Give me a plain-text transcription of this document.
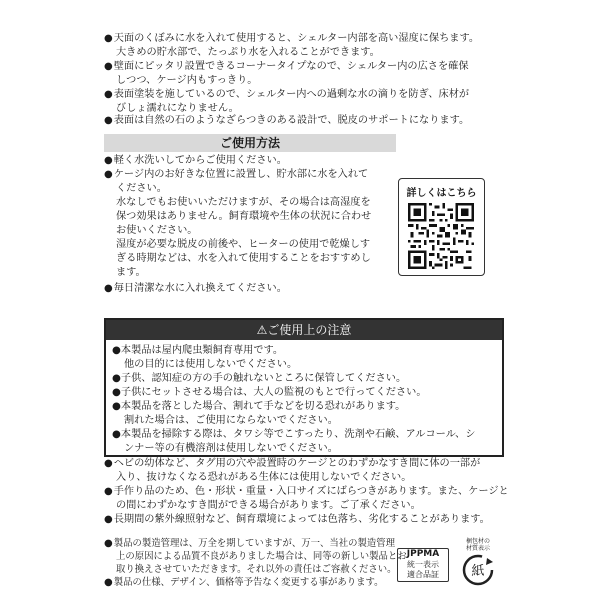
●天面のくぼみに水を入れて使用すると、シェルター内部を高い湿度に保ちます。
大きめの貯水部で、たっぷり水を入れることができます。
●壁面にピッタリ設置できるコーナータイプなので、シェルター内の広さを確保
しつつ、ケージ内もすっきり。
●表面塗装を施しているので、シェルター内への過剰な水の滴りを防ぎ、床材が
びしょ濡れになりません。
●表面は自然の石のようなざらつきのある設計で、脱皮のサポートになります。
ご使用方法
●軽く水洗いしてからご使用ください。
●ケージ内のお好きな位置に設置し、貯水部に水を入れて
ください。
水なしでもお使いいただけますが、その場合は高湿度を
保つ効果はありません。飼育環境や生体の状況に合わせ
お使いください。
湿度が必要な脱皮の前後や、ヒーターの使用で乾燥しす
ぎる時期などは、水を入れて使用することをおすすめし
ます。
●毎日清潔な水に入れ換えてください。
詳しくはこちら
⚠ご使用上の注意
●本製品は屋内爬虫類飼育専用です。
他の目的には使用しないでください。
●子供、認知症の方の手の触れないところに保管してください。
●子供にセットさせる場合は、大人の監視のもとで行ってください。
●本製品を落とした場合、割れて手などを切る恐れがあります。
割れた場合は、ご使用にならないでください。
●本製品を掃除する際は、タワシ等でこすったり、洗剤や石鹸、アルコール、シ
ンナー等の有機溶剤は使用しないでください。
●ヘビの幼体など、タグ用の穴や設置時のケージとのわずかなすき間に体の一部が
入り、抜けなくなる恐れがある生体には使用しないでください。
●手作り品のため、色・形状・重量・入口サイズにばらつきがあります。また、ケージと
の間にわずかなすき間ができる場合があります。ご了承ください。
●長期間の紫外線照射など、飼育環境によっては色落ち、劣化することがあります。
●製品の製造管理は、万全を期していますが、万一、当社の製造管理
上の原因による品質不良がありました場合は、同等の新しい製品とお
取り換えさせていただきます。それ以外の責任はご容赦ください。
●製品の仕様、デザイン、価格等予告なく変更する事があります。
JPPMA
統一表示
適合品証
梱包材の
材質表示
紙
